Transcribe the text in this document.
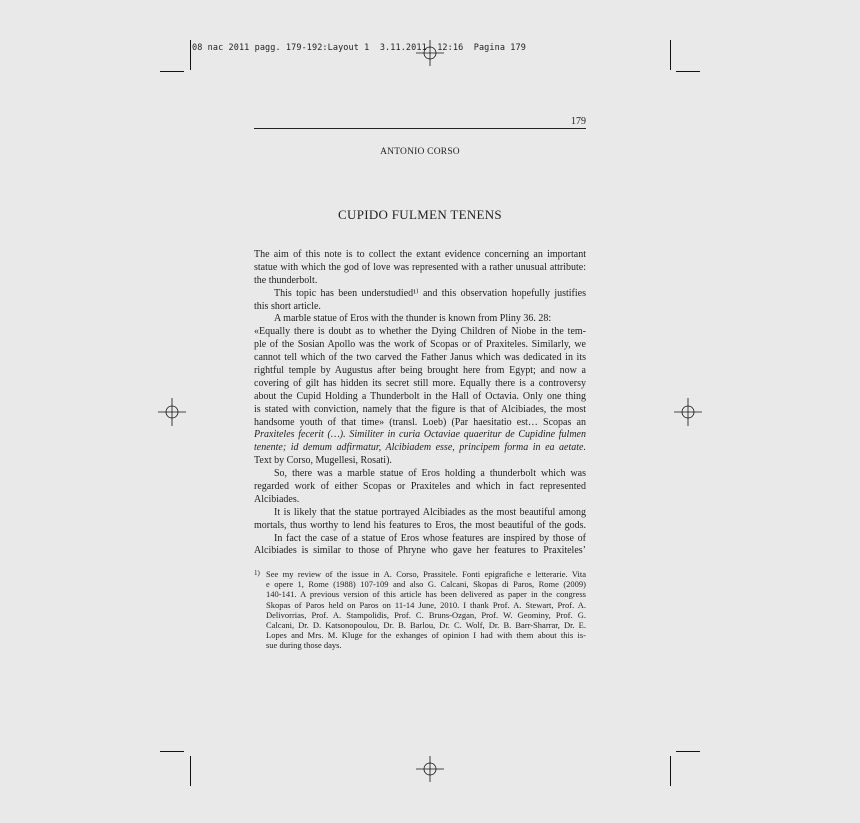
08 nac 2011 pagg. 179-192:Layout 1  3.11.2011  12:16  Pagina 179
179
ANTONIO CORSO
CUPIDO FULMEN TENENS
The aim of this note is to collect the extant evidence concerning an important
statue with which the god of love was represented with a rather unusual attribute:
the thunderbolt.
This topic has been understudied¹⁾ and this observation hopefully justifies
this short article.
A marble statue of Eros with the thunder is known from Pliny 36. 28:
«Equally there is doubt as to whether the Dying Children of Niobe in the tem-
ple of the Sosian Apollo was the work of Scopas or of Praxiteles. Similarly, we
cannot tell which of the two carved the Father Janus which was dedicated in its
rightful temple by Augustus after being brought here from Egypt; and now a
covering of gilt has hidden its secret still more. Equally there is a controversy
about the Cupid Holding a Thunderbolt in the Hall of Octavia. Only one thing
is stated with conviction, namely that the figure is that of Alcibiades, the most
handsome youth of that time» (transl. Loeb) (Par haesitatio est… Scopas an
Praxiteles fecerit (…). Similiter in curia Octaviae quaeritur de Cupidine fulmen
tenente; id demum adfirmatur, Alcibiadem esse, principem forma in ea aetate.
Text by Corso, Mugellesi, Rosati).
So, there was a marble statue of Eros holding a thunderbolt which was
regarded work of either Scopas or Praxiteles and which in fact represented
Alcibiades.
It is likely that the statue portrayed Alcibiades as the most beautiful among
mortals, thus worthy to lend his features to Eros, the most beautiful of the gods.
In fact the case of a statue of Eros whose features are inspired by those of
Alcibiades is similar to those of Phryne who gave her features to Praxiteles’
1) See my review of the issue in A. Corso, Prassitele. Fonti epigrafiche e letterarie. Vita
e opere 1, Rome (1988) 107-109 and also G. Calcani, Skopas di Paros, Rome (2009)
140-141. A previous version of this article has been delivered as paper in the congress
Skopas of Paros held on Paros on 11-14 June, 2010. I thank Prof. A. Stewart, Prof. A.
Delivorrias, Prof. A. Stampolidis, Prof. C. Bruns-Ozgan, Prof. W. Geominy, Prof. G.
Calcani, Dr. D. Katsonopoulou, Dr. B. Barlou, Dr. C. Wolf, Dr. B. Barr-Sharrar, Dr. E.
Lopes and Mrs. M. Kluge for the exhanges of opinion I had with them about this is-
sue during those days.
